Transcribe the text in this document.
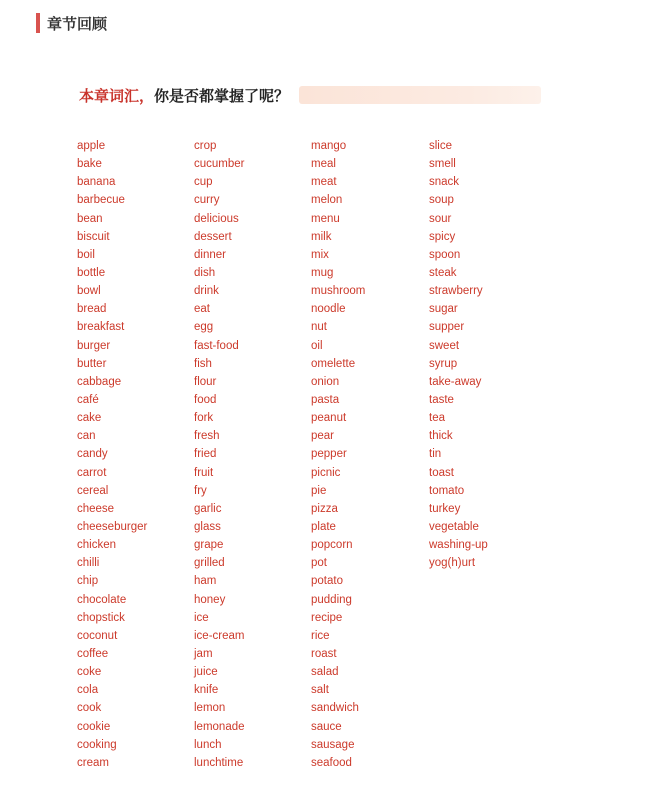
章节回顾
本章词汇，你是否都掌握了呢？
apple
bake
banana
barbecue
bean
biscuit
boil
bottle
bowl
bread
breakfast
burger
butter
cabbage
café
cake
can
candy
carrot
cereal
cheese
cheeseburger
chicken
chilli
chip
chocolate
chopstick
coconut
coffee
coke
cola
cook
cookie
cooking
cream
crop
cucumber
cup
curry
delicious
dessert
dinner
dish
drink
eat
egg
fast-food
fish
flour
food
fork
fresh
fried
fruit
fry
garlic
glass
grape
grilled
ham
honey
ice
ice-cream
jam
juice
knife
lemon
lemonade
lunch
lunchtime
mango
meal
meat
melon
menu
milk
mix
mug
mushroom
noodle
nut
oil
omelette
onion
pasta
peanut
pear
pepper
picnic
pie
pizza
plate
popcorn
pot
potato
pudding
recipe
rice
roast
salad
salt
sandwich
sauce
sausage
seafood
slice
smell
snack
soup
sour
spicy
spoon
steak
strawberry
sugar
supper
sweet
syrup
take-away
taste
tea
thick
tin
toast
tomato
turkey
vegetable
washing-up
yog(h)urt
